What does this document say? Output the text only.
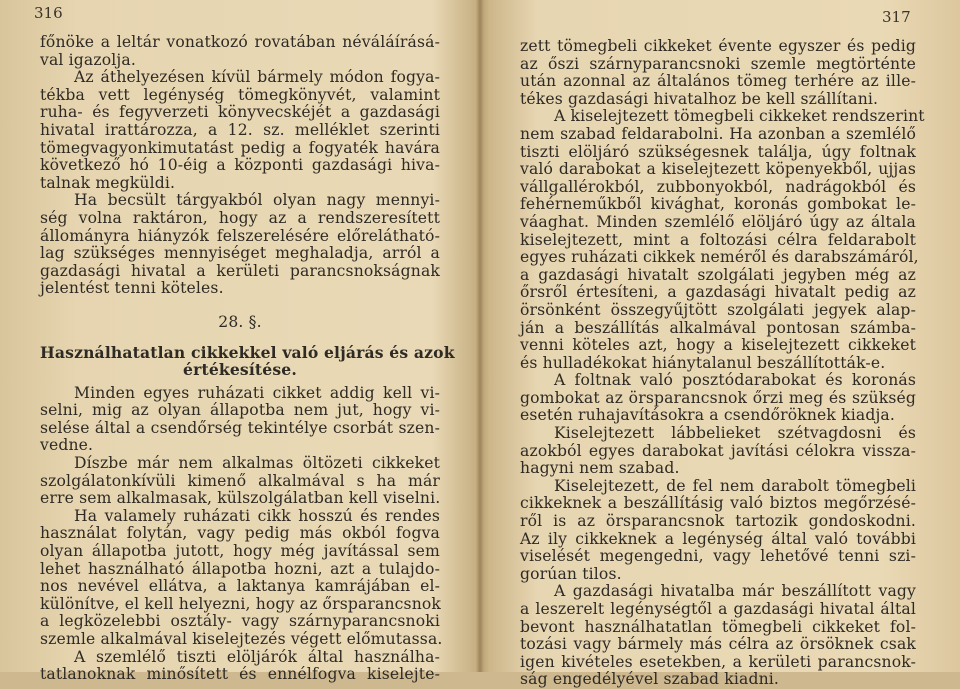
316
főnöke a leltár vonatkozó rovatában néváláírásá-
val igazolja.
Az áthelyezésen kívül bármely módon fogya-
tékba vett legénység tömegkönyvét, valamint
ruha- és fegyverzeti könyvecskéjét a gazdasági
hivatal irattározza, a 12. sz. melléklet szerinti
tömegvagyonkimutatást pedig a fogyaték havára
következő hó 10-éig a központi gazdasági hiva-
talnak megküldi.
Ha becsült tárgyakból olyan nagy mennyi-
ség volna raktáron, hogy az a rendszeresített
állományra hiányzók felszerelésére előrelátható-
lag szükséges mennyiséget meghaladja, arról a
gazdasági hivatal a kerületi parancsnokságnak
jelentést tenni köteles.
28. §.
Használhatatlan cikkekkel való eljárás és azok
értékesítése.
Minden egyes ruházati cikket addig kell vi-
selni, mig az olyan állapotba nem jut, hogy vi-
selése által a csendőrség tekintélye csorbát szen-
vedne.
Díszbe már nem alkalmas öltözeti cikkeket
szolgálatonkívüli kimenő alkalmával s ha már
erre sem alkalmasak, külszolgálatban kell viselni.
Ha valamely ruházati cikk hosszú és rendes
használat folytán, vagy pedig más okból fogva
olyan állapotba jutott, hogy még javítással sem
lehet használható állapotba hozni, azt a tulajdo-
nos nevével ellátva, a laktanya kamrájában el-
különítve, el kell helyezni, hogy az őrsparancsnok
a legközelebbi osztály- vagy szárnyparancsnoki
szemle alkalmával kiselejtezés végett előmutassa.
A szemlélő tiszti elöljárók által használha-
tatlanoknak minősített és ennélfogva kiselejte-
317
zett tömegbeli cikkeket évente egyszer és pedig
az őszi szárnyparancsnoki szemle megtörténte
után azonnal az általános tömeg terhére az ille-
tékes gazdasági hivatalhoz be kell szállítani.
A kiselejtezett tömegbeli cikkeket rendszerint
nem szabad feldarabolni. Ha azonban a szemlélő
tiszti elöljáró szükségesnek találja, úgy foltnak
való darabokat a kiselejtezett köpenyekből, ujjas
vállgallérokból, zubbonyokból, nadrágokból és
fehérneműkből kivághat, koronás gombokat le-
váaghat. Minden szemlélő elöljáró úgy az általa
kiselejtezett, mint a foltozási célra feldarabolt
egyes ruházati cikkek neméről és darabszámáról,
a gazdasági hivatalt szolgálati jegyben még az
őrsről értesíteni, a gazdasági hivatalt pedig az
örsönként összegyűjtött szolgálati jegyek alap-
ján a beszállítás alkalmával pontosan számba-
venni köteles azt, hogy a kiselejtezett cikkeket
és hulladékokat hiánytalanul beszállították-e.
A foltnak való posztódarabokat és koronás
gombokat az örsparancsnok őrzi meg és szükség
esetén ruhajavításokra a csendőröknek kiadja.
Kiselejtezett lábbelieket szétvagdosni és
azokból egyes darabokat javítási célokra vissza-
hagyni nem szabad.
Kiselejtezett, de fel nem darabolt tömegbeli
cikkeknek a beszállításig való biztos megőrzésé-
ről is az örsparancsnok tartozik gondoskodni.
Az ily cikkeknek a legénység által való további
viselését megengedni, vagy lehetővé tenni szi-
gorúan tilos.
A gazdasági hivatalba már beszállított vagy
a leszerelt legénységtől a gazdasági hivatal által
bevont használhatatlan tömegbeli cikkeket fol-
tozási vagy bármely más célra az örsöknek csak
igen kivételes esetekben, a kerületi parancsnok-
ság engedélyével szabad kiadni.
